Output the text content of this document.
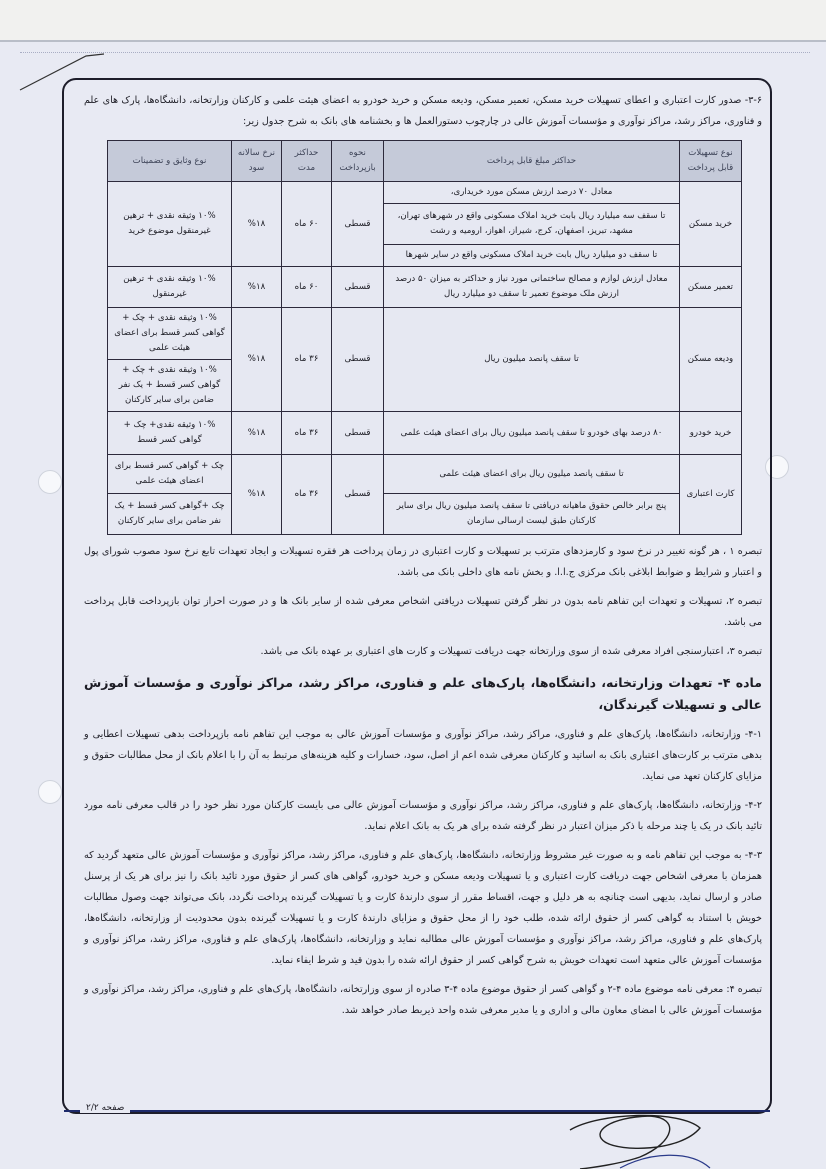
۳-۶- صدور کارت اعتباری و اعطای تسهیلات خرید مسکن، تعمیر مسکن، ودیعه مسکن و خرید خودرو به اعضای هیئت علمی و کارکنان وزارتخانه، دانشگاه‌ها، پارک های علم و فناوری، مراکز رشد، مراکز نوآوری و مؤسسات آموزش عالی در چارچوب دستورالعمل ها و بخشنامه های بانک به شرح جدول زیر:

نوع تسهیلات قابل پرداخت	حداکثر مبلغ قابل پرداخت	نحوه بازپرداخت	حداکثر مدت	نرخ سالانه سود	نوع وثایق و تضمینات
خرید مسکن	معادل ۷۰ درصد ارزش مسکن مورد خریداری،	قسطی	۶۰ ماه	%۱۸	۱۰% وثیقه نقدی + ترهین غیرمنقول موضوع خرید
	تا سقف سه میلیارد ریال بابت خرید املاک مسکونی واقع در شهرهای تهران، مشهد، تبریز، اصفهان، کرج، شیراز، اهواز، ارومیه و رشت				
	تا سقف دو میلیارد ریال بابت خرید املاک مسکونی واقع در سایر شهرها				
تعمیر مسکن	معادل ارزش لوازم و مصالح ساختمانی مورد نیاز و حداکثر به میزان ۵۰ درصد ارزش ملک موضوع تعمیر تا سقف دو میلیارد ریال	قسطی	۶۰ ماه	%۱۸	۱۰% وثیقه نقدی + ترهین غیرمنقول
ودیعه مسکن	تا سقف پانصد میلیون ریال	قسطی	۳۶ ماه	%۱۸	۱۰% وثیقه نقدی + چک + گواهی کسر قسط برای اعضای هیئت علمی
					۱۰% وثیقه نقدی + چک + گواهی کسر قسط + یک نفر ضامن برای سایر کارکنان
خرید خودرو	۸۰ درصد بهای خودرو تا سقف پانصد میلیون ریال برای اعضای هیئت علمی	قسطی	۳۶ ماه	%۱۸	۱۰% وثیقه نقدی+ چک + گواهی کسر قسط
کارت اعتباری	تا سقف پانصد میلیون ریال برای اعضای هیئت علمی	قسطی	۳۶ ماه	%۱۸	چک + گواهی کسر قسط برای اعضای هیئت علمی
	پنج برابر خالص حقوق ماهیانه دریافتی تا سقف پانصد میلیون ریال برای سایر کارکنان طبق لیست ارسالی سازمان				چک +گواهی کسر قسط + یک نفر ضامن برای سایر کارکنان

تبصره ۱ ، هر گونه تغییر در نرخ سود و کارمزدهای مترتب بر تسهیلات و کارت اعتباری در زمان پرداخت هر فقره تسهیلات و ایجاد تعهدات تابع نرخ سود مصوب شورای پول و اعتبار و شرایط و ضوابط ابلاغی بانک مرکزی ج.ا.ا. و بخش نامه های داخلی بانک می باشد.

تبصره ۲، تسهیلات و تعهدات این تفاهم نامه بدون در نظر گرفتن تسهیلات دریافتی اشخاص معرفی شده از سایر بانک ها و در صورت احراز توان بازپرداخت قابل پرداخت می باشد.

تبصره ۳، اعتبارسنجی افراد معرفی شده از سوی وزارتخانه جهت دریافت تسهیلات و کارت های اعتباری بر عهده بانک می باشد.

ماده ۴- تعهدات وزارتخانه، دانشگاه‌ها، پارک‌های علم و فناوری، مراکز رشد، مراکز نوآوری و مؤسسات آموزش عالی و تسهیلات گیرندگان،

۴-۱- وزارتخانه، دانشگاه‌ها، پارک‌های علم و فناوری، مراکز رشد، مراکز نوآوری و مؤسسات آموزش عالی به موجب این تفاهم نامه بازپرداخت بدهی تسهیلات اعطایی و بدهی مترتب بر کارت‌های اعتباری بانک به اساتید و کارکنان معرفی شده اعم از اصل، سود، خسارات و کلیه هزینه‌های مرتبط به آن را با اعلام بانک از محل مطالبات حقوق و مزایای کارکنان تعهد می نماید.

۴-۲- وزارتخانه، دانشگاه‌ها، پارک‌های علم و فناوری، مراکز رشد، مراکز نوآوری و مؤسسات آموزش عالی می بایست کارکنان مورد نظر خود را در قالب معرفی نامه مورد تائید بانک در یک یا چند مرحله با ذکر میزان اعتبار در نظر گرفته شده برای هر یک به بانک اعلام نماید.

۴-۳- به موجب این تفاهم نامه و به صورت غیر مشروط وزارتخانه، دانشگاه‌ها، پارک‌های علم و فناوری، مراکز رشد، مراکز نوآوری و مؤسسات آموزش عالی متعهد گردید که همزمان با معرفی اشخاص جهت دریافت کارت اعتباری و یا تسهیلات ودیعه مسکن و خرید خودرو، گواهی های کسر از حقوق مورد تائید بانک را نیز برای هر یک از پرسنل صادر و ارسال نماید، بدیهی است چنانچه به هر دلیل و جهت، اقساط مقرر از سوی دارندهٔ کارت و یا تسهیلات گیرنده پرداخت نگردد، بانک می‌تواند جهت وصول مطالبات خویش با استناد به گواهی کسر از حقوق ارائه شده، طلب خود را از محل حقوق و مزایای دارندهٔ کارت و یا تسهیلات گیرنده بدون محدودیت از وزارتخانه، دانشگاه‌ها، پارک‌های علم و فناوری، مراکز رشد، مراکز نوآوری و مؤسسات آموزش عالی مطالبه نماید و وزارتخانه، دانشگاه‌ها، پارک‌های علم و فناوری، مراکز رشد، مراکز نوآوری و مؤسسات آموزش عالی متعهد است تعهدات خویش به شرح گواهی کسر از حقوق ارائه شده را بدون قید و شرط ایفاء نماید.

تبصره ۴: معرفی نامه موضوع ماده ۴-۲ و گواهی کسر از حقوق موضوع ماده ۴-۳ صادره از سوی وزارتخانه، دانشگاه‌ها، پارک‌های علم و فناوری، مراکز رشد، مراکز نوآوری و مؤسسات آموزش عالی با امضای معاون مالی و اداری و یا مدیر معرفی شده واحد ذیربط صادر خواهد شد.

صفحه ۲/۲
